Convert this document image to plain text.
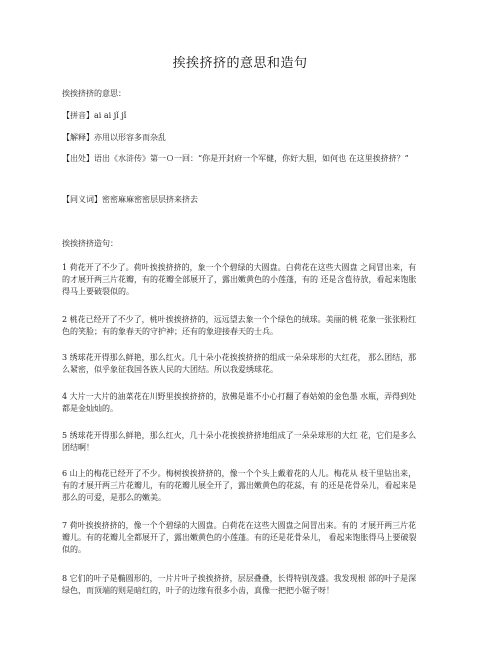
挨挨挤挤的意思和造句
挨挨挤挤的意思：
【拼音】ai ai jǐ jǐ
【解释】亦用以形容多而杂乱
【出处】语出《水浒传》第一Ｏ一回：“你是开封府一个军健，你好大胆，如何也 在这里挨挤挤？”
【同义词】密密麻麻密密层层挤来挤去
挨挨挤挤造句：
1 荷花开了不少了。荷叶挨挨挤挤的，象一个个碧绿的大圆盘。白荷花在这些大圆盘 之间冒出来，有的才展开两三片花瓣，有的花瓣全部展开了，露出嫩黄色的小莲蓬，有的 还是含苞待放，看起来饱胀得马上要破裂似的。
2 桃花已经开了不少了，桃叶挨挨挤挤的，远远望去象一个个绿色的绒球。美丽的桃 花象一张张粉红色的笑脸；有的象春天的守护神；还有的象迎接春天的士兵。
3 绣球花开得那么鲜艳，那么红火。几十朵小花挨挨挤挤的组成一朵朵球形的大红花， 那么团结，那么紧密，似乎象征我国各族人民的大团结。所以我爱绣球花。
4 大片一大片的油菜花在川野里挨挨挤挤的，放佛是谁不小心打翻了春姑娘的金色墨 水瓶，弄得到处都是金灿灿的。
5 绣球花开得那么鲜艳，那么红火，几十朵小花挨挨挤挤地组成了一朵朵球形的大红 花，它们是多么团结啊！
6 山上的梅花已经开了不少。梅树挨挨挤挤的，像一个个头上戴着花的人儿。梅花从 枝干里钻出来，有的才展开两三片花瓣儿，有的花瓣儿展全开了，露出嫩黄色的花蕊，有 的还是花骨朵儿，看起来是那么的可爱，是那么的嫩美。
7 荷叶挨挨挤挤的，像一个个碧绿的大圆盘。白荷花在这些大圆盘之间冒出来。有的 才展开两三片花瓣儿。有的花瓣儿全都展开了，露出嫩黄色的小莲蓬。有的还是花骨朵儿， 看起来饱胀得马上要破裂似的。
8 它们的叶子是椭圆形的，一片片叶子挨挨挤挤，层层叠叠，长得特别茂盛。我发现根 部的叶子是深绿色，而顶端的则是暗红的，叶子的边缘有很多小齿，真像一把把小锯子呀！
